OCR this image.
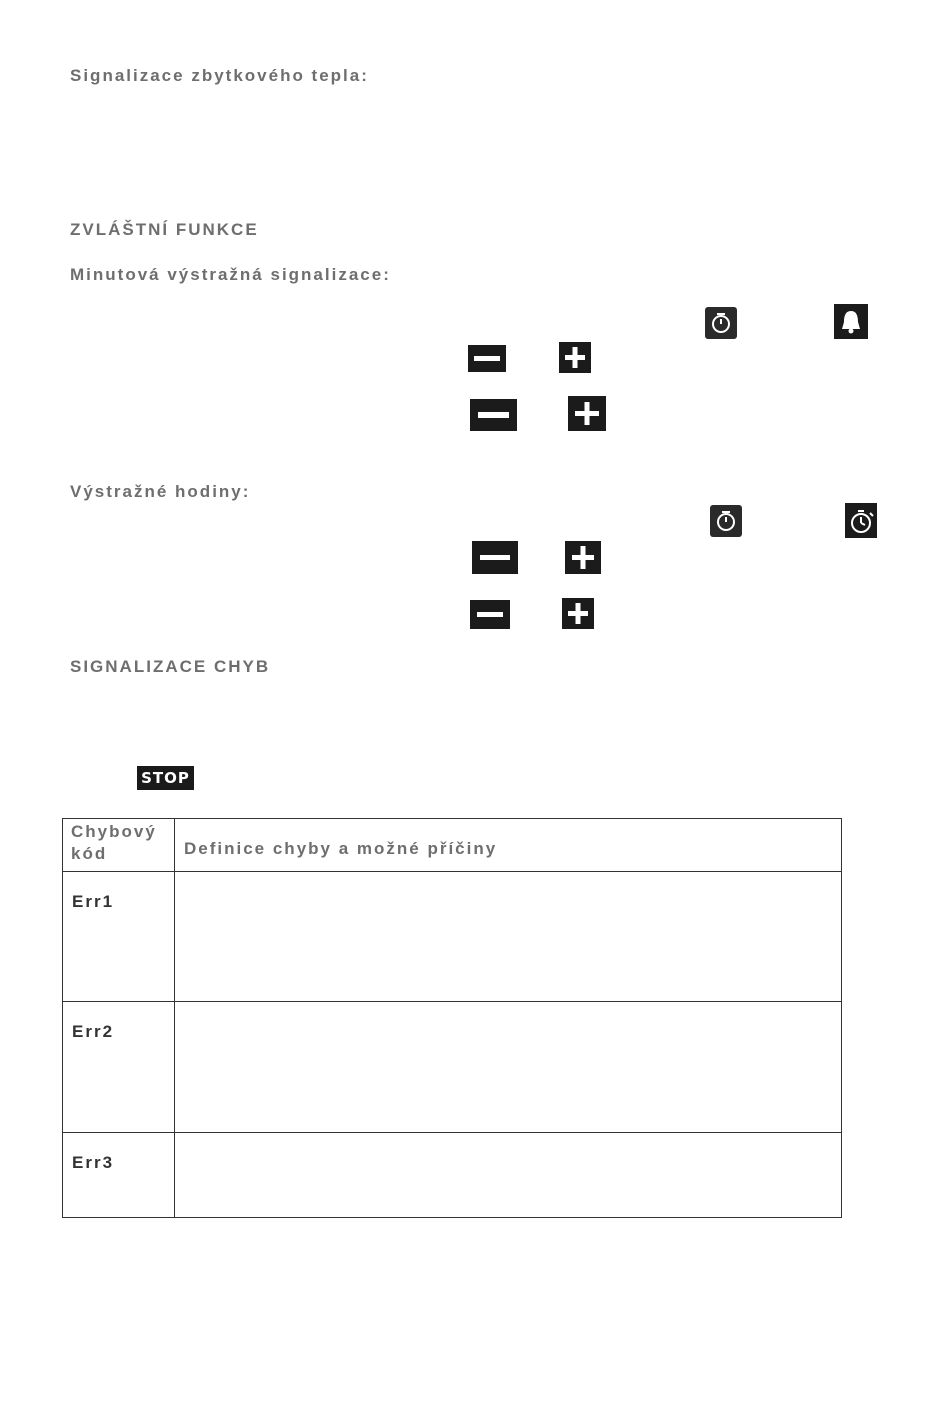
Signalizace zbytkového tepla:
ZVLÁŠTNÍ FUNKCE
Minutová výstražná signalizace:
Výstražné hodiny:
SIGNALIZACE CHYB
STOP
Chybový
kód	Definice chyby a možné příčiny
Err1	
Err2	
Err3	
